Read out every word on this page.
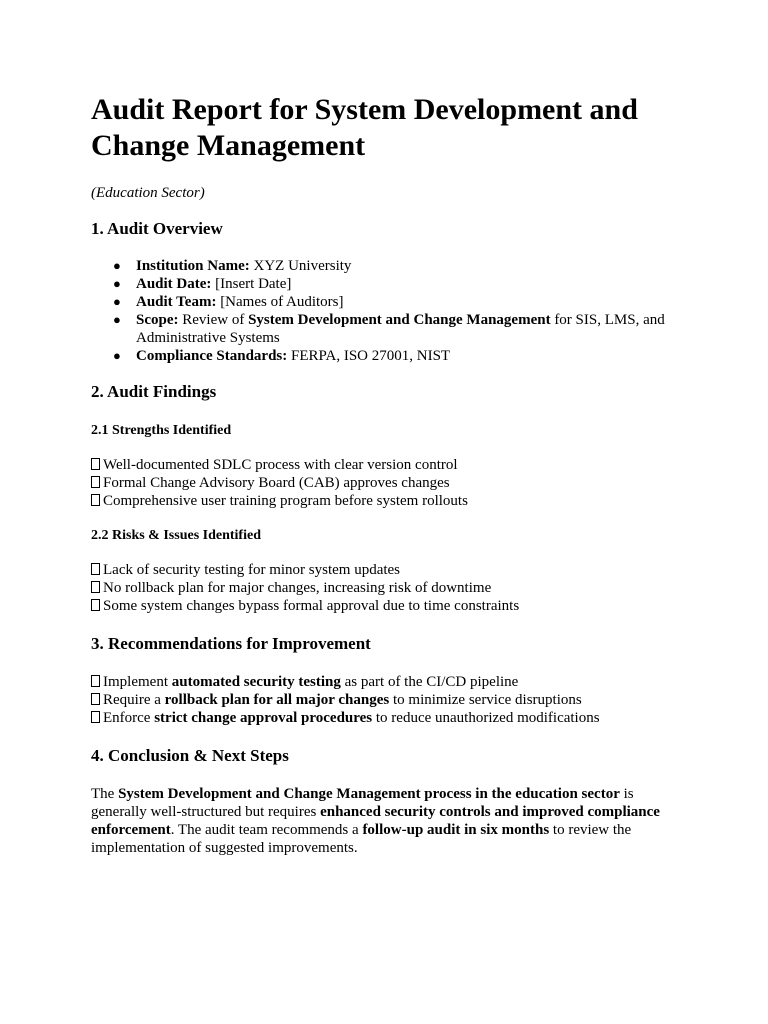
Audit Report for System Development and Change Management

(Education Sector)

1. Audit Overview
● Institution Name: XYZ University
● Audit Date: [Insert Date]
● Audit Team: [Names of Auditors]
● Scope: Review of System Development and Change Management for SIS, LMS, and
Administrative Systems
● Compliance Standards: FERPA, ISO 27001, NIST
2. Audit Findings
2.1 Strengths Identified
Well-documented SDLC process with clear version control
Formal Change Advisory Board (CAB) approves changes
Comprehensive user training program before system rollouts
2.2 Risks & Issues Identified
Lack of security testing for minor system updates
No rollback plan for major changes, increasing risk of downtime
Some system changes bypass formal approval due to time constraints
3. Recommendations for Improvement
Implement automated security testing as part of the CI/CD pipeline
Require a rollback plan for all major changes to minimize service disruptions
Enforce strict change approval procedures to reduce unauthorized modifications
4. Conclusion & Next Steps
The System Development and Change Management process in the education sector is
generally well-structured but requires enhanced security controls and improved compliance
enforcement. The audit team recommends a follow-up audit in six months to review the
implementation of suggested improvements.
